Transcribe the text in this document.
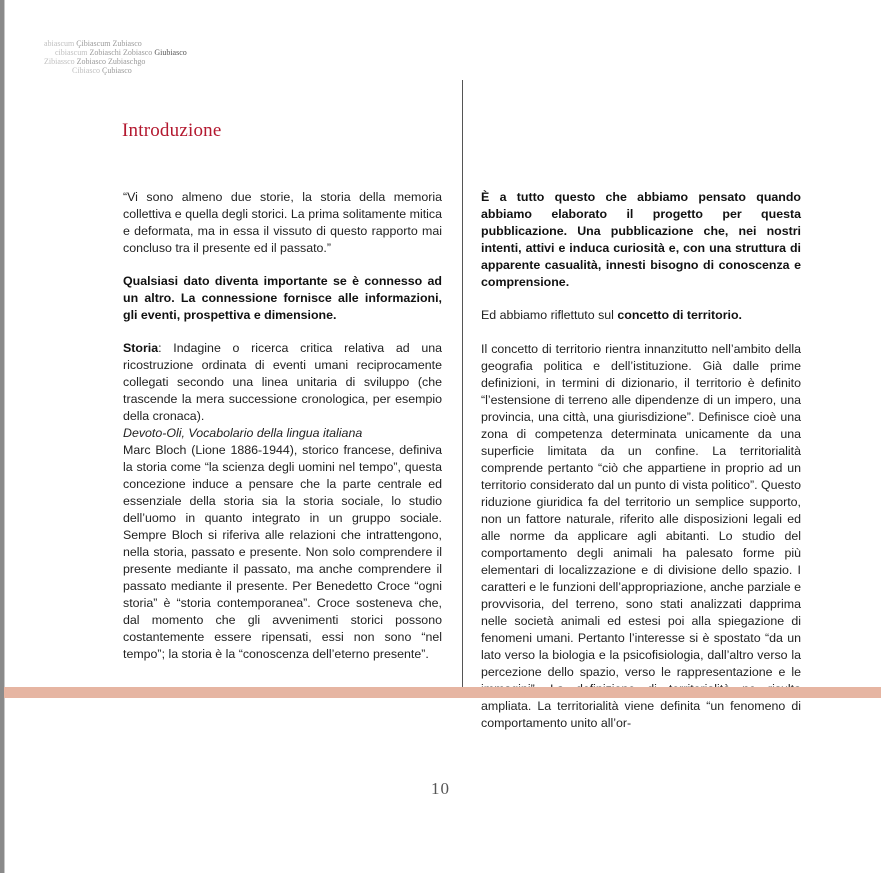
abiascum Çibiascum Zubiasco
cibiascum Zobiaschi Zobiasco Giubiasco
Zibiassco Zobiasco Zubiaschgo
Cibiasco Çubiasco
Introduzione

“Vi sono almeno due storie, la storia della memoria collettiva e quella degli storici. La prima solitamente mitica e deformata, ma in essa il vissuto di questo rapporto mai concluso tra il presente ed il passato.”

Qualsiasi dato diventa importante se è connesso ad un altro. La connessione fornisce alle informazioni, gli eventi, prospettiva e dimensione.

Storia: Indagine o ricerca critica relativa ad una ricostruzione ordinata di eventi umani reciprocamente collegati secondo una linea unitaria di sviluppo (che trascende la mera successione cronologica, per esempio della cronaca).

Devoto-Oli, Vocabolario della lingua italiana

Marc Bloch (Lione 1886-1944), storico francese, definiva la storia come “la scienza degli uomini nel tempo”, questa concezione induce a pensare che la parte centrale ed essenziale della storia sia la storia sociale, lo studio dell’uomo in quanto integrato in un gruppo sociale. Sempre Bloch si riferiva alle relazioni che intrattengono, nella storia, passato e presente. Non solo comprendere il presente mediante il passato, ma anche comprendere il passato mediante il presente. Per Benedetto Croce “ogni storia” è “storia contemporanea”. Croce sosteneva che, dal momento che gli avvenimenti storici possono costantemente essere ripensati, essi non sono “nel tempo”; la storia è la “conoscenza dell’eterno presente”.

È a tutto questo che abbiamo pensato quando abbiamo elaborato il progetto per questa pubblicazione. Una pubblicazione che, nei nostri intenti, attivi e induca curiosità e, con una struttura di apparente casualità, innesti bisogno di conoscenza e comprensione.

Ed abbiamo riflettuto sul concetto di territorio.

Il concetto di territorio rientra innanzitutto nell’ambito della geografia politica e dell’istituzione. Già dalle prime definizioni, in termini di dizionario, il territorio è definito “l’estensione di terreno alle dipendenze di un impero, una provincia, una città, una giurisdizione”. Definisce cioè una zona di competenza determinata unicamente da una superficie limitata da un confine. La territorialità comprende pertanto “ciò che appartiene in proprio ad un territorio considerato dal un punto di vista politico”. Questo riduzione giuridica fa del territorio un semplice supporto, non un fattore naturale, riferito alle disposizioni legali ed alle norme da applicare agli abitanti. Lo studio del comportamento degli animali ha palesato forme più elementari di localizzazione e di divisione dello spazio. I caratteri e le funzioni dell’appropriazione, anche parziale e provvisoria, del terreno, sono stati analizzati dapprima nelle società animali ed estesi poi alla spiegazione di fenomeni umani. Pertanto l’interesse si è spostato “da un lato verso la biologia e la psicofisiologia, dall’altro verso la percezione dello spazio, verso le rappresentazione e le ampliata. La territorialità viene definita “un fenomeno di comportamento unito all’or-

10
